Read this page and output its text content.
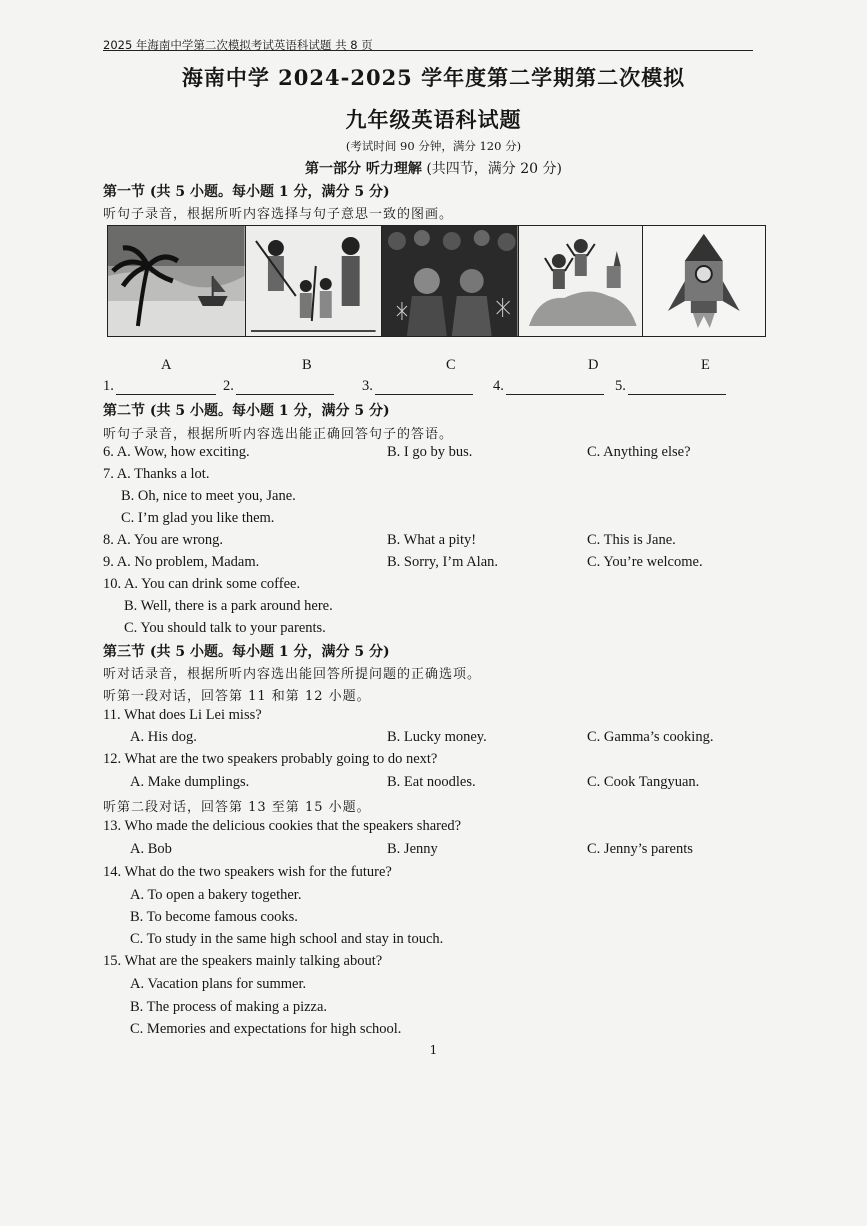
2025 年海南中学第二次模拟考试英语科试题 共 8 页
海南中学 2024-2025 学年度第二学期第二次模拟
九年级英语科试题
(考试时间 90 分钟，满分 120 分)
第一部分 听力理解 (共四节，满分 20 分)
第一节 (共 5 小题。每小题 1 分，满分 5 分)
听句子录音，根据所听内容选择与句子意思一致的图画。
A	B	C	D	E
1.	2.	3.	4.	5.
第二节 (共 5 小题。每小题 1 分，满分 5 分)
听句子录音，根据所听内容选出能正确回答句子的答语。
6. A. Wow, how exciting.	B. I go by bus.	C. Anything else?
7. A. Thanks a lot.
B. Oh, nice to meet you, Jane.
C. I’m glad you like them.
8. A. You are wrong.	B. What a pity!	C. This is Jane.
9. A. No problem, Madam.	B. Sorry, I’m Alan.	C. You’re welcome.
10. A. You can drink some coffee.
B. Well, there is a park around here.
C. You should talk to your parents.
第三节 (共 5 小题。每小题 1 分，满分 5 分)
听对话录音，根据所听内容选出能回答所提问题的正确选项。
听第一段对话，回答第 11 和第 12 小题。
11. What does Li Lei miss?
A. His dog.	B. Lucky money.	C. Gamma’s cooking.
12. What are the two speakers probably going to do next?
A. Make dumplings.	B. Eat noodles.	C. Cook Tangyuan.
听第二段对话，回答第 13 至第 15 小题。
13. Who made the delicious cookies that the speakers shared?
A. Bob	B. Jenny	C. Jenny’s parents
14. What do the two speakers wish for the future?
A. To open a bakery together.
B. To become famous cooks.
C. To study in the same high school and stay in touch.
15. What are the speakers mainly talking about?
A. Vacation plans for summer.
B. The process of making a pizza.
C. Memories and expectations for high school.
1
